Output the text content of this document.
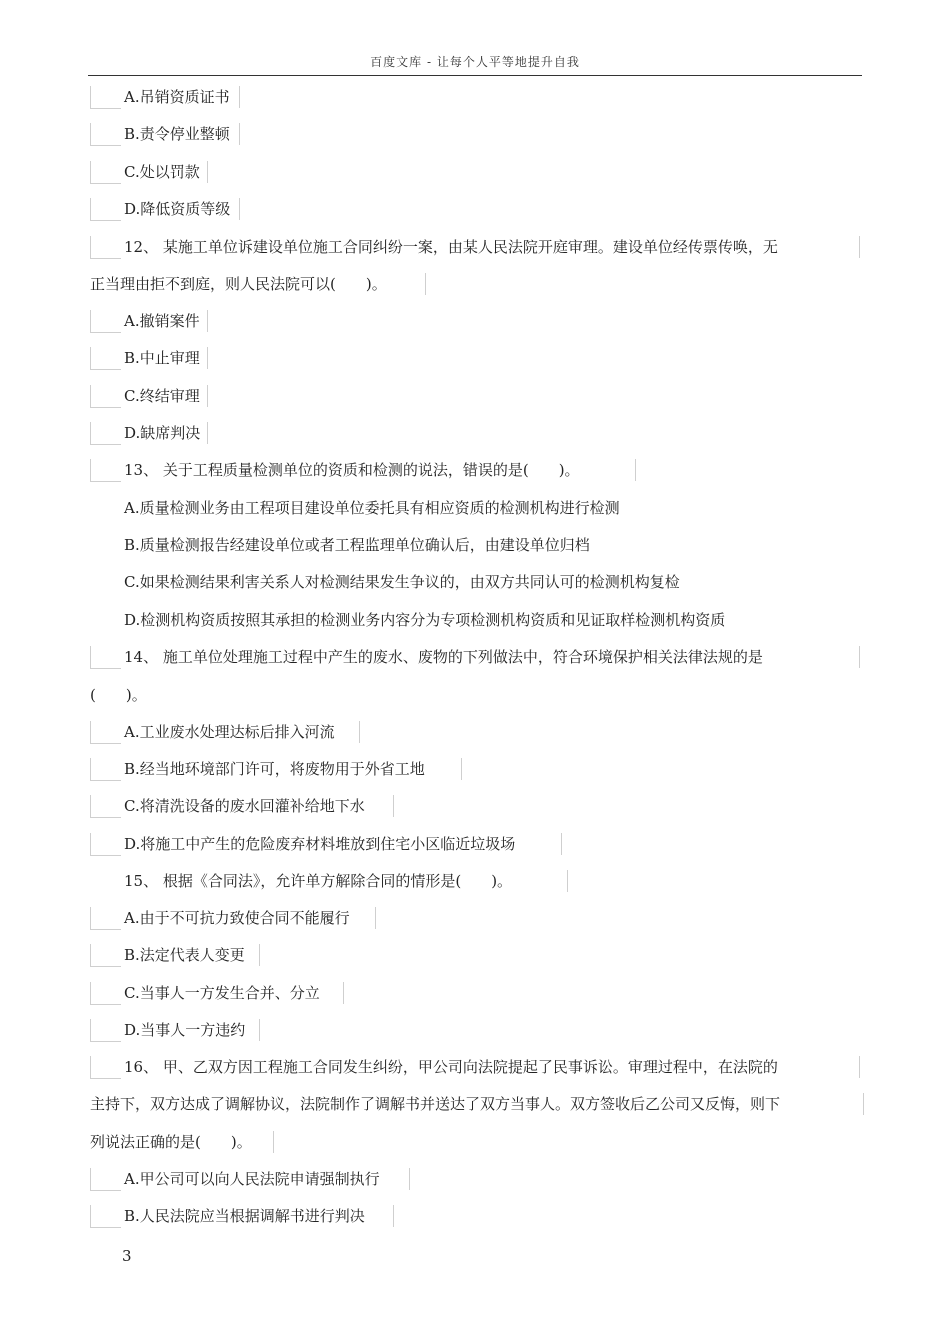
百度文库 - 让每个人平等地提升自我
A.吊销资质证书
B.责令停业整顿
C.处以罚款
D.降低资质等级
12、 某施工单位诉建设单位施工合同纠纷一案，由某人民法院开庭审理。建设单位经传票传唤，无
正当理由拒不到庭，则人民法院可以(　　)。
A.撤销案件
B.中止审理
C.终结审理
D.缺席判决
13、 关于工程质量检测单位的资质和检测的说法，错误的是(　　)。
A.质量检测业务由工程项目建设单位委托具有相应资质的检测机构进行检测
B.质量检测报告经建设单位或者工程监理单位确认后，由建设单位归档
C.如果检测结果利害关系人对检测结果发生争议的，由双方共同认可的检测机构复检
D.检测机构资质按照其承担的检测业务内容分为专项检测机构资质和见证取样检测机构资质
14、 施工单位处理施工过程中产生的废水、废物的下列做法中，符合环境保护相关法律法规的是
(　　)。
A.工业废水处理达标后排入河流
B.经当地环境部门许可，将废物用于外省工地
C.将清洗设备的废水回灌补给地下水
D.将施工中产生的危险废弃材料堆放到住宅小区临近垃圾场
15、 根据《合同法》，允许单方解除合同的情形是(　　)。
A.由于不可抗力致使合同不能履行
B.法定代表人变更
C.当事人一方发生合并、分立
D.当事人一方违约
16、 甲、乙双方因工程施工合同发生纠纷，甲公司向法院提起了民事诉讼。审理过程中，在法院的
主持下，双方达成了调解协议，法院制作了调解书并送达了双方当事人。双方签收后乙公司又反悔，则下
列说法正确的是(　　)。
A.甲公司可以向人民法院申请强制执行
B.人民法院应当根据调解书进行判决
3
